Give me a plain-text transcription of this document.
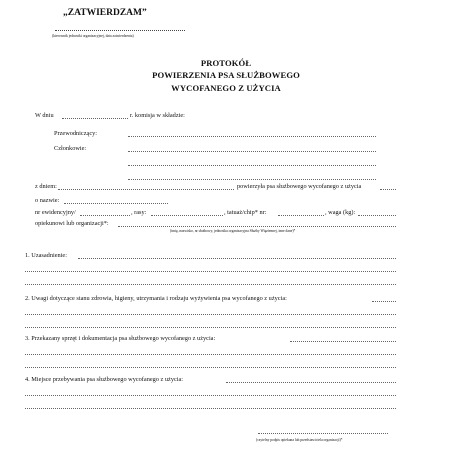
„ZATWIERDZAM”
(kierownik jednostki organizacyjnej, data zatwierdzenia)
PROTOKÓŁ
POWIERZENIA PSA SŁUŻBOWEGO
WYCOFANEGO Z UŻYCIA
W dniu	r. komisja w składzie:
Przewodniczący:
Członkowie:
z dniem:	powierzyła psa służbowego wycofanego z użycia
o nazwie:
nr ewidencyjny/	, rasy:	, tatuaż/chip* nr:	, waga (kg):
opiekunowi lub organizacji*:
(imię, nazwisko, nr służbowy, jednostka organizacyjna Służby Więziennej, inne dane)*
1. Uzasadnienie:
2. Uwagi dotyczące stanu zdrowia, higieny, utrzymania i rodzaju wyżywienia psa wycofanego z użycia:
3. Przekazany sprzęt i dokumentacja psa służbowego wycofanego z użycia:
4. Miejsce przebywania psa służbowego wycofanego z użycia:
(czytelny podpis opiekuna lub przedstawiciela organizacji)*
